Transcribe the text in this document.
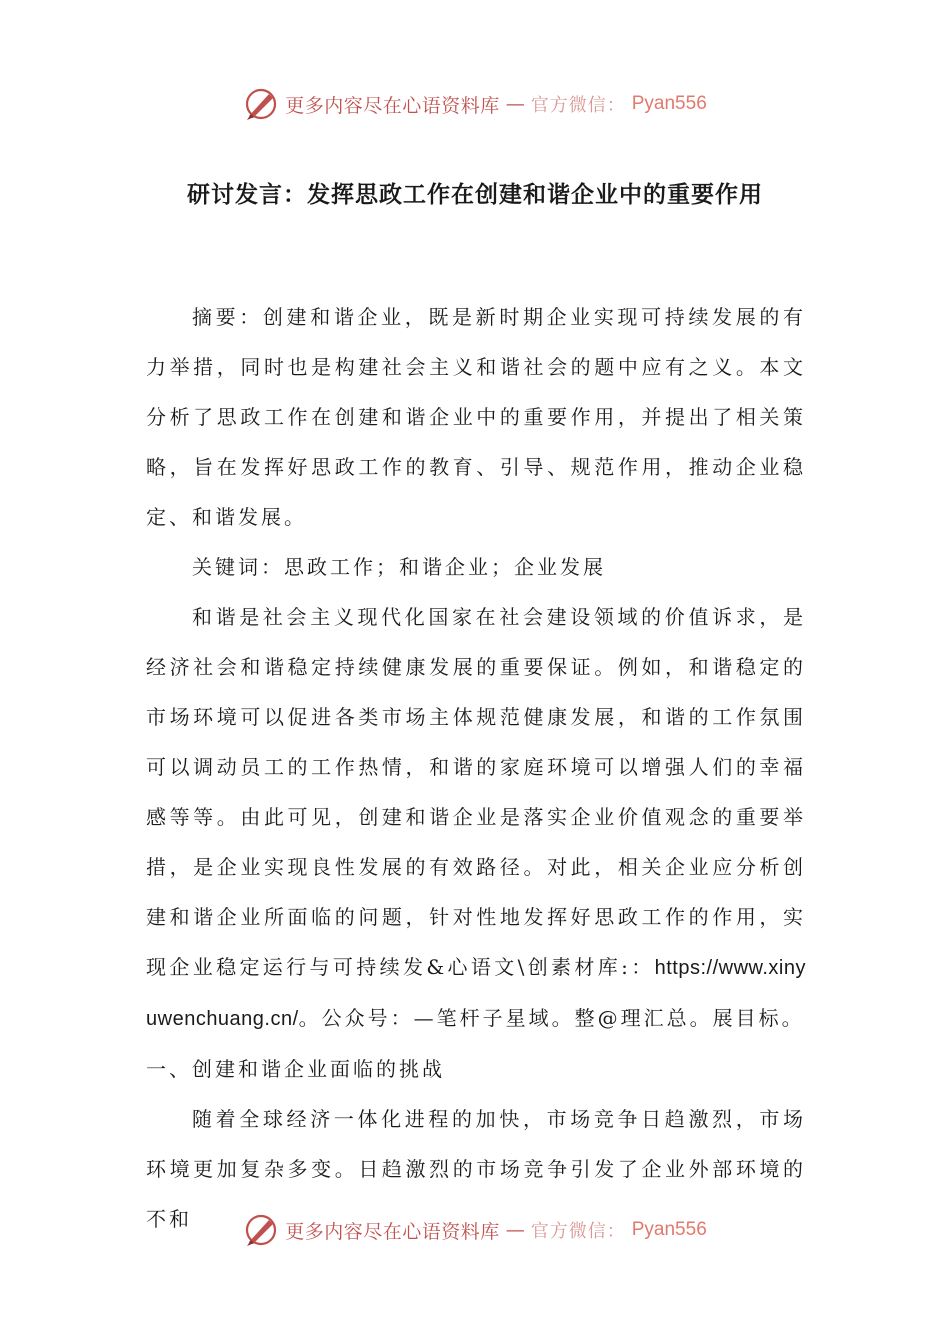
更多内容尽在心语资料库 — 官方微信： Pyan556
研讨发言：发挥思政工作在创建和谐企业中的重要作用

摘要：创建和谐企业，既是新时期企业实现可持续发展的有力举措，同时也是构建社会主义和谐社会的题中应有之义。本文分析了思政工作在创建和谐企业中的重要作用，并提出了相关策略，旨在发挥好思政工作的教育、引导、规范作用，推动企业稳定、和谐发展。

关键词：思政工作；和谐企业；企业发展

和谐是社会主义现代化国家在社会建设领域的价值诉求，是经济社会和谐稳定持续健康发展的重要保证。例如，和谐稳定的市场环境可以促进各类市场主体规范健康发展，和谐的工作氛围可以调动员工的工作热情，和谐的家庭环境可以增强人们的幸福感等等。由此可见，创建和谐企业是落实企业价值观念的重要举措，是企业实现良性发展的有效路径。对此，相关企业应分析创建和谐企业所面临的问题，针对性地发挥好思政工作的作用，实现企业稳定运行与可持续发&心语文\创素材库:：https://www.xinyuwenchuang.cn/。公众号：—笔杆子星域。整@理汇总。展目标。

一、创建和谐企业面临的挑战

随着全球经济一体化进程的加快，市场竞争日趋激烈，市场环境更加复杂多变。日趋激烈的市场竞争引发了企业外部环境的不和

更多内容尽在心语资料库 — 官方微信： Pyan556
